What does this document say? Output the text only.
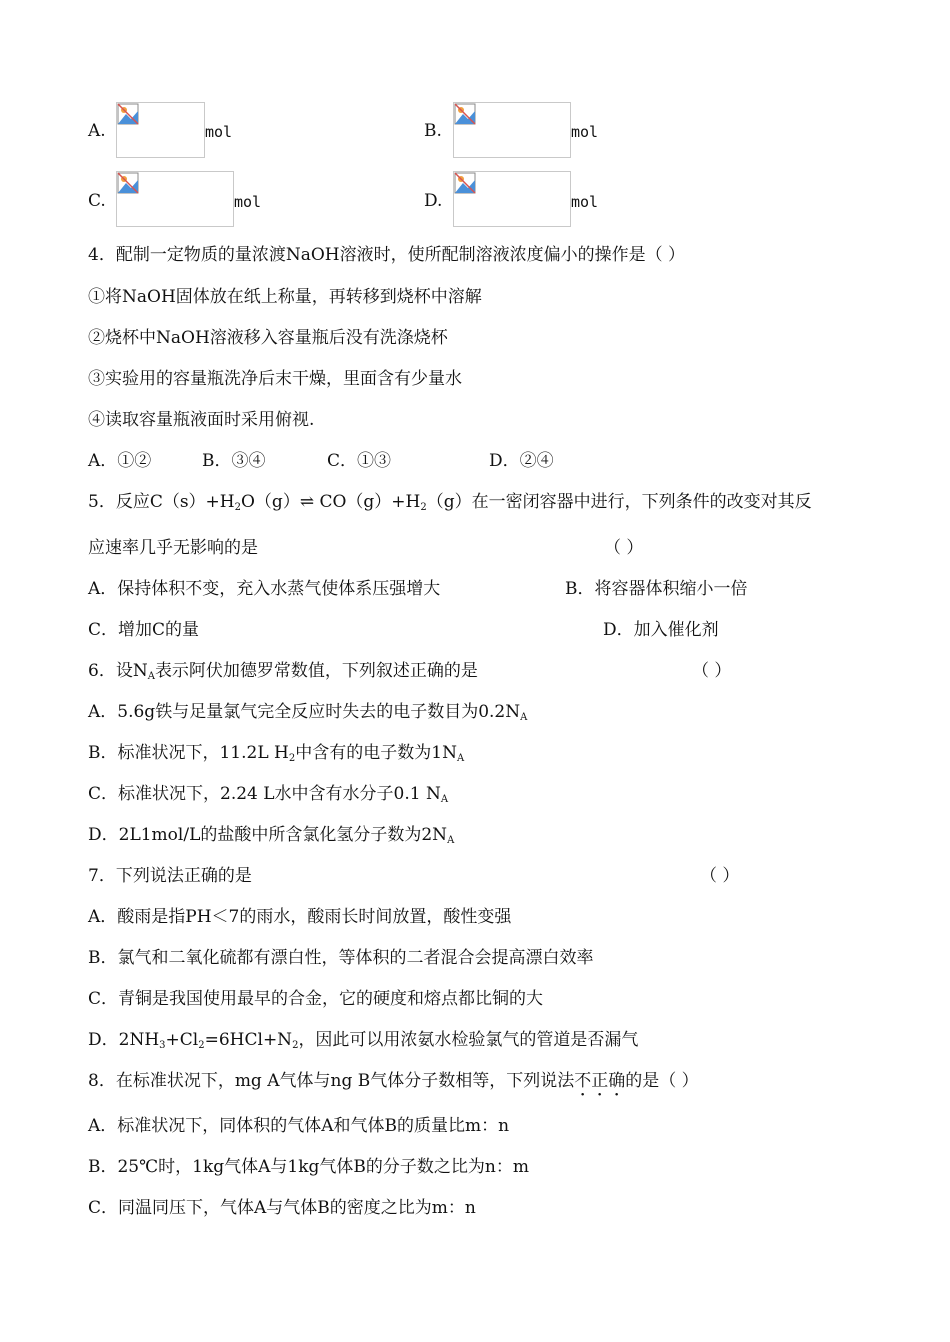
A.	mol	B.	mol
C.	mol	D.	mol
4．配制一定物质的量浓渡NaOH溶液时，使所配制溶液浓度偏小的操作是（ ）
①将NaOH固体放在纸上称量，再转移到烧杯中溶解
②烧杯中NaOH溶液移入容量瓶后没有洗涤烧杯
③实验用的容量瓶洗净后末干燥，里面含有少量水
④读取容量瓶液面时采用俯视.
A．①②	B．③④	C．①③	D．②④
5．反应$C(s)+H_2O(g)\rightleftharpoons$ $CO(g)+H_2(g)$在一密闭容器中进行，下列条件的改变对其反
应速率几乎无影响的是	（ ）
A．保持体积不变，充入水蒸气使体系压强增大	B．将容器体积缩小一倍
C．增加C的量	D．加入催化剂
6．设$N_A$表示阿伏加德罗常数值，下列叙述正确的是	（ ）
A．5.6g铁与足量氯气完全反应时失去的电子数目为$0.2N_A$
B．标准状况下，11.2L $H_2$中含有的电子数为$1N_A$
C．标准状况下，2.24 L水中含有水分子0.1 $N_A$
D．2L1mol/L的盐酸中所含氯化氢分子数为$2N_A$
7．下列说法正确的是	（ ）
A．酸雨是指PH＜7的雨水，酸雨长时间放置，酸性变强
B．氯气和二氧化硫都有漂白性，等体积的二者混合会提高漂白效率
C．青铜是我国使用最早的合金，它的硬度和熔点都比铜的大
D．$2NH_3+Cl_2=6HCl+N_2$，因此可以用浓氨水检验氯气的管道是否漏气
8．在标准状况下，mg A气体与ng B气体分子数相等，下列说法不正确的是（ ）
A．标准状况下，同体积的气体A和气体B的质量比m：n
B．25℃时，1kg气体A与1kg气体B的分子数之比为n：m
C．同温同压下，气体A与气体B的密度之比为m：n
